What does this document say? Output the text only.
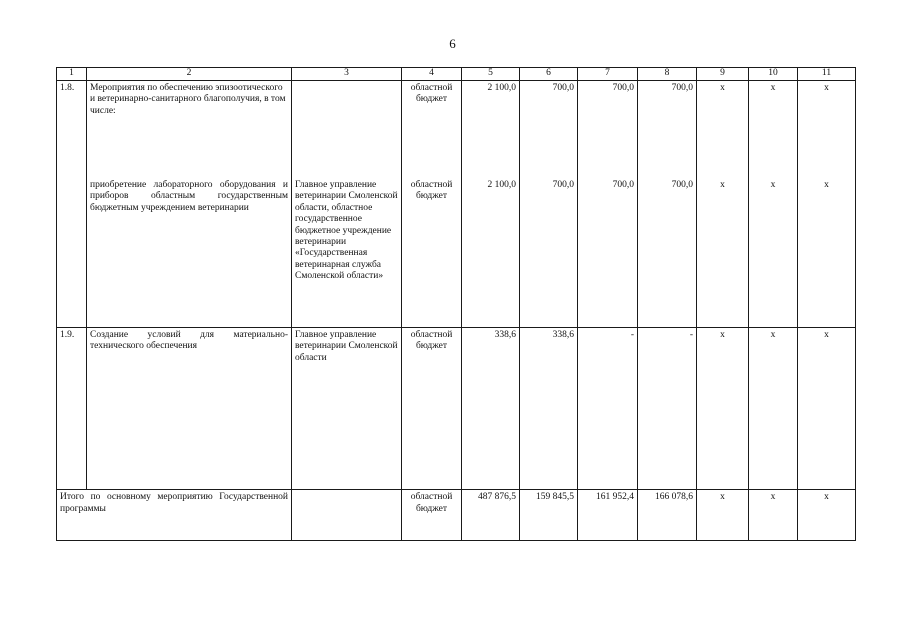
6
1	2	3	4	5	6	7	8	9	10	11
1.8.	Мероприятия по обеспечению эпизоотического и ветеринарно-санитарного благополучия, в том числе:		областной бюджет	2 100,0	700,0	700,0	700,0	x	x	x
	приобретение лабораторного оборудования и приборов областным государственным бюджетным учреждением ветеринарии	Главное управление ветеринарии Смоленской области, областное государственное бюджетное учреждение ветеринарии «Государственная ветеринарная служба Смоленской области»	областной бюджет	2 100,0	700,0	700,0	700,0	x	x	x
1.9.	Создание условий для материально-технического обеспечения	Главное управление ветеринарии Смоленской области	областной бюджет	338,6	338,6	-	-	x	x	x
Итого по основному мероприятию Государственной программы			областной бюджет	487 876,5	159 845,5	161 952,4	166 078,6	x	x	x
